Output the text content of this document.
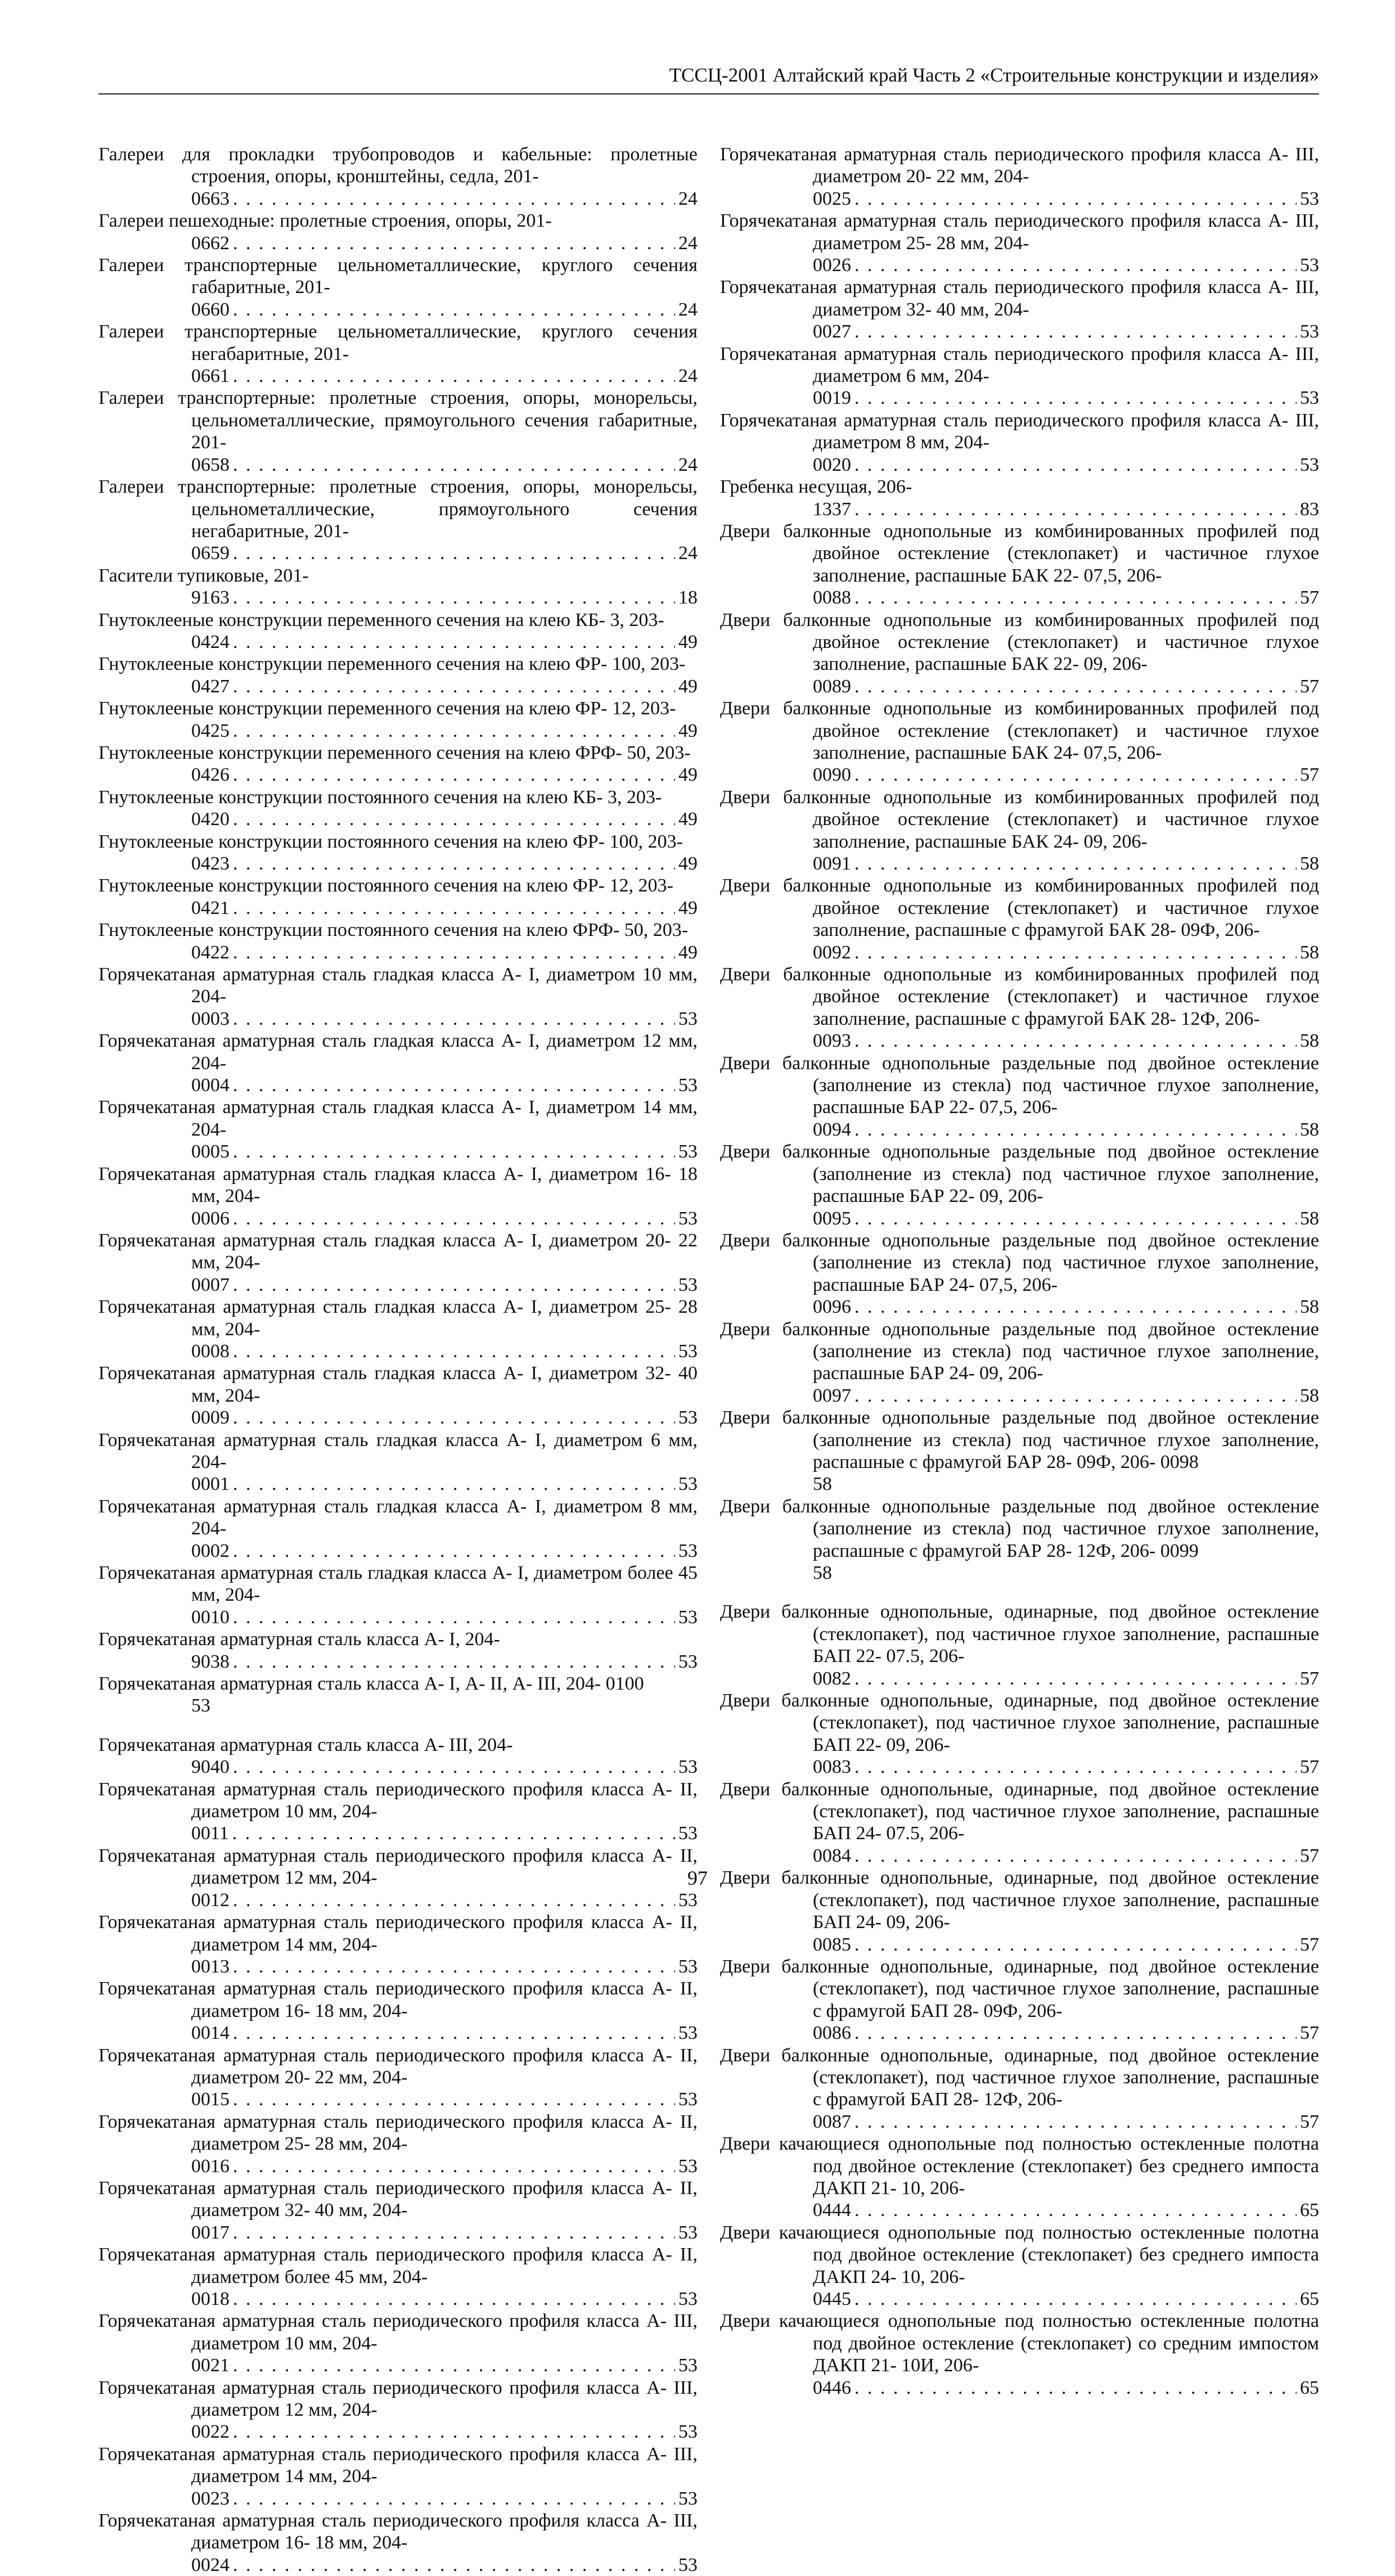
ТССЦ-2001 Алтайский край Часть 2 «Строительные конструкции и изделия»
Галереи для прокладки трубопроводов и кабельные: пролетные строения, опоры, кронштейны, седла, 201-
0663 . . .	24
Галереи пешеходные: пролетные строения, опоры, 201-
0662 . . .	24
Галереи транспортерные цельнометаллические, круглого сечения габаритные, 201-
0660 . . .	24
Галереи транспортерные цельнометаллические, круглого сечения негабаритные, 201-
0661 . . .	24
Галереи транспортерные: пролетные строения, опоры, монорельсы, цельнометаллические, прямоугольного сечения габаритные, 201-
0658 . . .	24
Галереи транспортерные: пролетные строения, опоры, монорельсы, цельнометаллические, прямоугольного сечения негабаритные, 201-
0659 . . .	24
Гасители тупиковые, 201-
9163 . . .	18
Гнутоклееные конструкции переменного сечения на клею КБ- 3, 203-
0424 . . .	49
Гнутоклееные конструкции переменного сечения на клею ФР- 100, 203-
0427 . . .	49
Гнутоклееные конструкции переменного сечения на клею ФР- 12, 203-
0425 . . .	49
Гнутоклееные конструкции переменного сечения на клею ФРФ- 50, 203-
0426 . . .	49
Гнутоклееные конструкции постоянного сечения на клею КБ- 3, 203-
0420 . . .	49
Гнутоклееные конструкции постоянного сечения на клею ФР- 100, 203-
0423 . . .	49
Гнутоклееные конструкции постоянного сечения на клею ФР- 12, 203-
0421 . . .	49
Гнутоклееные конструкции постоянного сечения на клею ФРФ- 50, 203-
0422 . . .	49
Горячекатаная арматурная сталь гладкая класса А- I, диаметром 10 мм, 204-
0003 . . .	53
Горячекатаная арматурная сталь гладкая класса А- I, диаметром 12 мм, 204-
0004 . . .	53
Горячекатаная арматурная сталь гладкая класса А- I, диаметром 14 мм, 204-
0005 . . .	53
Горячекатаная арматурная сталь гладкая класса А- I, диаметром 16- 18 мм, 204-
0006 . . .	53
Горячекатаная арматурная сталь гладкая класса А- I, диаметром 20- 22 мм, 204-
0007 . . .	53
Горячекатаная арматурная сталь гладкая класса А- I, диаметром 25- 28 мм, 204-
0008 . . .	53
Горячекатаная арматурная сталь гладкая класса А- I, диаметром 32- 40 мм, 204-
0009 . . .	53
Горячекатаная арматурная сталь гладкая класса А- I, диаметром 6 мм, 204-
0001 . . .	53
Горячекатаная арматурная сталь гладкая класса А- I, диаметром 8 мм, 204-
0002 . . .	53
Горячекатаная арматурная сталь гладкая класса А- I, диаметром более 45 мм, 204-
0010 . . .	53
Горячекатаная арматурная сталь класса А- I, 204-
9038 . . .	53
Горячекатаная арматурная сталь класса А- I, А- II, А- III, 204- 0100
53
Горячекатаная арматурная сталь класса А- III, 204-
9040 . . .	53
Горячекатаная арматурная сталь периодического профиля класса А- II, диаметром 10 мм, 204-
0011 . . .	53
Горячекатаная арматурная сталь периодического профиля класса А- II, диаметром 12 мм, 204-
0012 . . .	53
Горячекатаная арматурная сталь периодического профиля класса А- II, диаметром 14 мм, 204-
0013 . . .	53
Горячекатаная арматурная сталь периодического профиля класса А- II, диаметром 16- 18 мм, 204-
0014 . . .	53
Горячекатаная арматурная сталь периодического профиля класса А- II, диаметром 20- 22 мм, 204-
0015 . . .	53
Горячекатаная арматурная сталь периодического профиля класса А- II, диаметром 25- 28 мм, 204-
0016 . . .	53
Горячекатаная арматурная сталь периодического профиля класса А- II, диаметром 32- 40 мм, 204-
0017 . . .	53
Горячекатаная арматурная сталь периодического профиля класса А- II, диаметром более 45 мм, 204-
0018 . . .	53
Горячекатаная арматурная сталь периодического профиля класса А- III, диаметром 10 мм, 204-
0021 . . .	53
Горячекатаная арматурная сталь периодического профиля класса А- III, диаметром 12 мм, 204-
0022 . . .	53
Горячекатаная арматурная сталь периодического профиля класса А- III, диаметром 14 мм, 204-
0023 . . .	53
Горячекатаная арматурная сталь периодического профиля класса А- III, диаметром 16- 18 мм, 204-
0024 . . .	53
Горячекатаная арматурная сталь периодического профиля класса А- III, диаметром 20- 22 мм, 204-
0025 . . .	53
Горячекатаная арматурная сталь периодического профиля класса А- III, диаметром 25- 28 мм, 204-
0026 . . .	53
Горячекатаная арматурная сталь периодического профиля класса А- III, диаметром 32- 40 мм, 204-
0027 . . .	53
Горячекатаная арматурная сталь периодического профиля класса А- III, диаметром 6 мм, 204-
0019 . . .	53
Горячекатаная арматурная сталь периодического профиля класса А- III, диаметром 8 мм, 204-
0020 . . .	53
Гребенка несущая, 206-
1337 . . .	83
Двери балконные однопольные из комбинированных профилей под двойное остекление (стеклопакет) и частичное глухое заполнение, распашные БАК 22- 07,5, 206-
0088 . . .	57
Двери балконные однопольные из комбинированных профилей под двойное остекление (стеклопакет) и частичное глухое заполнение, распашные БАК 22- 09, 206-
0089 . . .	57
Двери балконные однопольные из комбинированных профилей под двойное остекление (стеклопакет) и частичное глухое заполнение, распашные БАК 24- 07,5, 206-
0090 . . .	57
Двери балконные однопольные из комбинированных профилей под двойное остекление (стеклопакет) и частичное глухое заполнение, распашные БАК 24- 09, 206-
0091 . . .	58
Двери балконные однопольные из комбинированных профилей под двойное остекление (стеклопакет) и частичное глухое заполнение, распашные с фрамугой БАК 28- 09Ф, 206-
0092 . . .	58
Двери балконные однопольные из комбинированных профилей под двойное остекление (стеклопакет) и частичное глухое заполнение, распашные с фрамугой БАК 28- 12Ф, 206-
0093 . . .	58
Двери балконные однопольные раздельные под двойное остекление (заполнение из стекла) под частичное глухое заполнение, распашные БАР 22- 07,5, 206-
0094 . . .	58
Двери балконные однопольные раздельные под двойное остекление (заполнение из стекла) под частичное глухое заполнение, распашные БАР 22- 09, 206-
0095 . . .	58
Двери балконные однопольные раздельные под двойное остекление (заполнение из стекла) под частичное глухое заполнение, распашные БАР 24- 07,5, 206-
0096 . . .	58
Двери балконные однопольные раздельные под двойное остекление (заполнение из стекла) под частичное глухое заполнение, распашные БАР 24- 09, 206-
0097 . . .	58
Двери балконные однопольные раздельные под двойное остекление (заполнение из стекла) под частичное глухое заполнение, распашные с фрамугой БАР 28- 09Ф, 206- 0098
58
Двери балконные однопольные раздельные под двойное остекление (заполнение из стекла) под частичное глухое заполнение, распашные с фрамугой БАР 28- 12Ф, 206- 0099
58
Двери балконные однопольные, одинарные, под двойное остекление (стеклопакет), под частичное глухое заполнение, распашные БАП 22- 07.5, 206-
0082 . . .	57
Двери балконные однопольные, одинарные, под двойное остекление (стеклопакет), под частичное глухое заполнение, распашные БАП 22- 09, 206-
0083 . . .	57
Двери балконные однопольные, одинарные, под двойное остекление (стеклопакет), под частичное глухое заполнение, распашные БАП 24- 07.5, 206-
0084 . . .	57
Двери балконные однопольные, одинарные, под двойное остекление (стеклопакет), под частичное глухое заполнение, распашные БАП 24- 09, 206-
0085 . . .	57
Двери балконные однопольные, одинарные, под двойное остекление (стеклопакет), под частичное глухое заполнение, распашные с фрамугой БАП 28- 09Ф, 206-
0086 . . .	57
Двери балконные однопольные, одинарные, под двойное остекление (стеклопакет), под частичное глухое заполнение, распашные с фрамугой БАП 28- 12Ф, 206-
0087 . . .	57
Двери качающиеся однопольные под полностью остекленные полотна под двойное остекление (стеклопакет) без среднего импоста ДАКП 21- 10, 206-
0444 . . .	65
Двери качающиеся однопольные под полностью остекленные полотна под двойное остекление (стеклопакет) без среднего импоста ДАКП 24- 10, 206-
0445 . . .	65
Двери качающиеся однопольные под полностью остекленные полотна под двойное остекление (стеклопакет) со средним импостом ДАКП 21- 10И, 206-
0446 . . .	65
97
